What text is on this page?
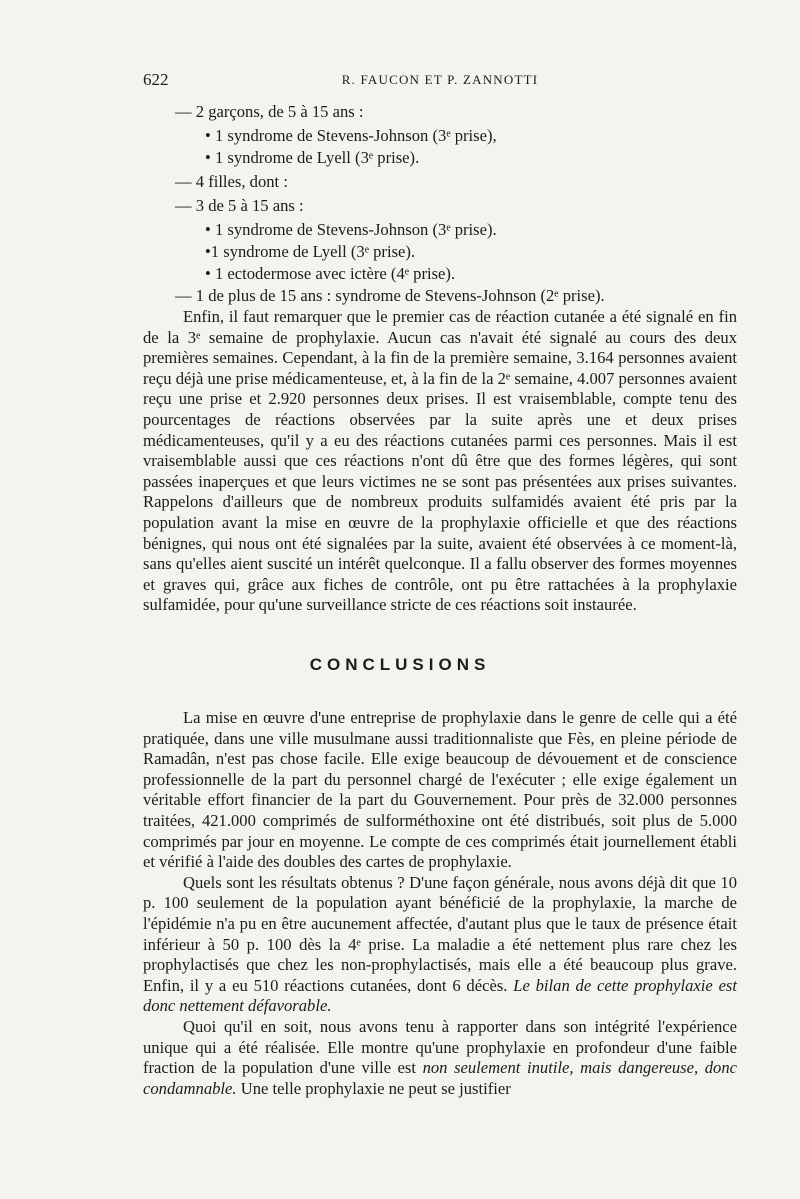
622	R. FAUCON ET P. ZANNOTTI
— 2 garçons, de 5 à 15 ans :
• 1 syndrome de Stevens-Johnson (3ᵉ prise),
• 1 syndrome de Lyell (3ᵉ prise).
— 4 filles, dont :
— 3 de 5 à 15 ans :
• 1 syndrome de Stevens-Johnson (3ᵉ prise).
•1 syndrome de Lyell (3ᵉ prise).
• 1 ectodermose avec ictère (4ᵉ prise).
— 1 de plus de 15 ans : syndrome de Stevens-Johnson (2ᵉ prise).

Enfin, il faut remarquer que le premier cas de réaction cutanée a été signalé en fin de la 3ᵉ semaine de prophylaxie. Aucun cas n'avait été signalé au cours des deux premières semaines. Cependant, à la fin de la première semaine, 3.164 personnes avaient reçu déjà une prise médicamenteuse, et, à la fin de la 2ᵉ semaine, 4.007 personnes avaient reçu une prise et 2.920 personnes deux prises. Il est vraisemblable, compte tenu des pourcentages de réactions observées par la suite après une et deux prises médicamenteuses, qu'il y a eu des réactions cutanées parmi ces personnes. Mais il est vraisemblable aussi que ces réactions n'ont dû être que des formes légères, qui sont passées inaperçues et que leurs victimes ne se sont pas présentées aux prises suivantes. Rappelons d'ailleurs que de nombreux produits sulfamidés avaient été pris par la population avant la mise en œuvre de la prophylaxie officielle et que des réactions bénignes, qui nous ont été signalées par la suite, avaient été observées à ce moment-là, sans qu'elles aient suscité un intérêt quelconque. Il a fallu observer des formes moyennes et graves qui, grâce aux fiches de contrôle, ont pu être rattachées à la prophylaxie sulfamidée, pour qu'une surveillance stricte de ces réactions soit instaurée.

CONCLUSIONS

La mise en œuvre d'une entreprise de prophylaxie dans le genre de celle qui a été pratiquée, dans une ville musulmane aussi traditionnaliste que Fès, en pleine période de Ramadân, n'est pas chose facile. Elle exige beaucoup de dévouement et de conscience professionnelle de la part du personnel chargé de l'exécuter ; elle exige également un véritable effort financier de la part du Gouvernement. Pour près de 32.000 personnes traitées, 421.000 comprimés de sulforméthoxine ont été distribués, soit plus de 5.000 comprimés par jour en moyenne. Le compte de ces comprimés était journellement établi et vérifié à l'aide des doubles des cartes de prophylaxie.

Quels sont les résultats obtenus ? D'une façon générale, nous avons déjà dit que 10 p. 100 seulement de la population ayant bénéficié de la prophylaxie, la marche de l'épidémie n'a pu en être aucunement affectée, d'autant plus que le taux de présence était inférieur à 50 p. 100 dès la 4ᵉ prise. La maladie a été nettement plus rare chez les prophylactisés que chez les non-prophylactisés, mais elle a été beaucoup plus grave. Enfin, il y a eu 510 réactions cutanées, dont 6 décès. Le bilan de cette prophylaxie est donc nettement défavorable.

Quoi qu'il en soit, nous avons tenu à rapporter dans son intégrité l'expérience unique qui a été réalisée. Elle montre qu'une prophylaxie en profondeur d'une faible fraction de la population d'une ville est non seulement inutile, mais dangereuse, donc condamnable. Une telle prophylaxie ne peut se justifier
